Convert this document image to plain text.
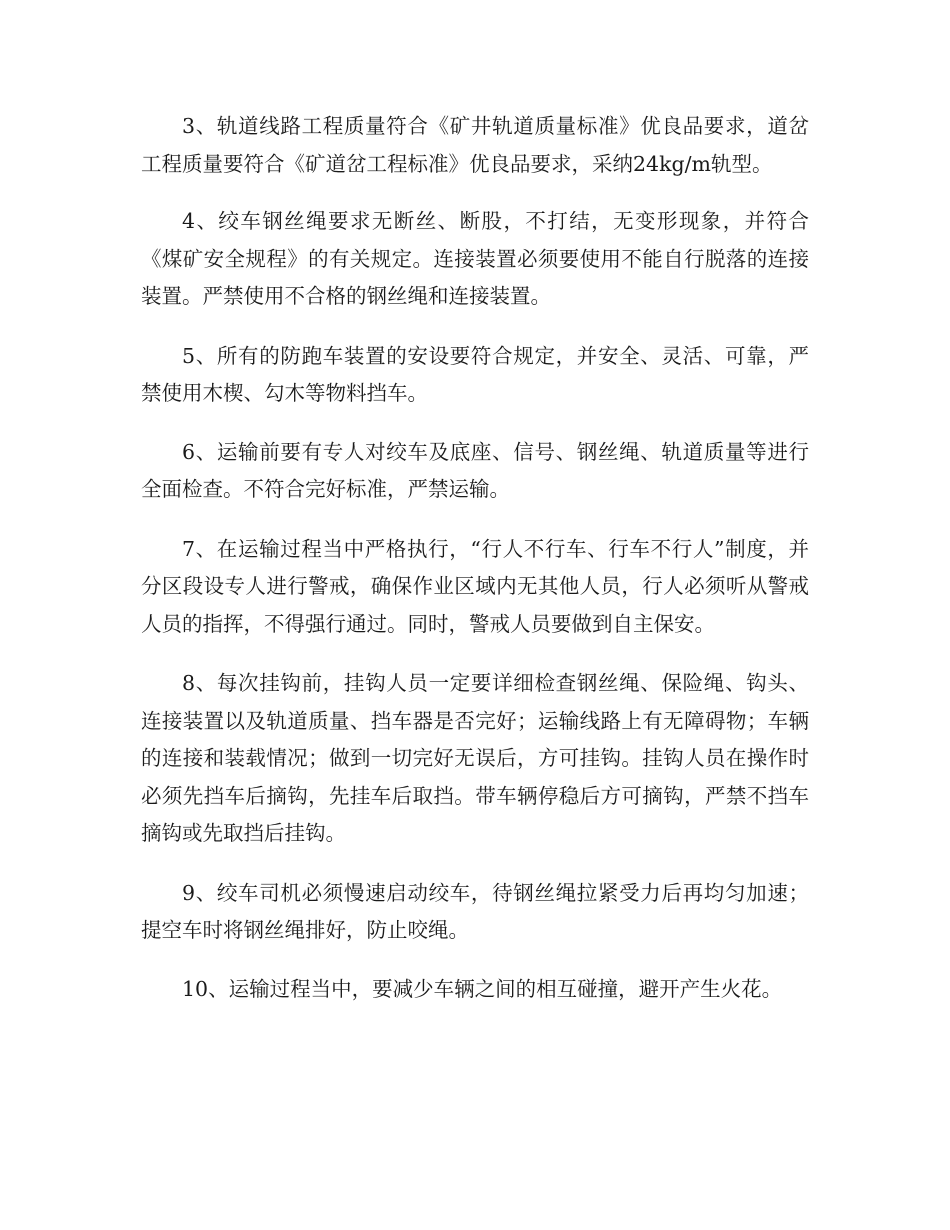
3、轨道线路工程质量符合《矿井轨道质量标准》优良品要求，道岔工程质量要符合《矿道岔工程标准》优良品要求，采纳24kg/m轨型。

4、绞车钢丝绳要求无断丝、断股，不打结，无变形现象，并符合《煤矿安全规程》的有关规定。连接装置必须要使用不能自行脱落的连接装置。严禁使用不合格的钢丝绳和连接装置。

5、所有的防跑车装置的安设要符合规定，并安全、灵活、可靠，严禁使用木楔、勾木等物料挡车。

6、运输前要有专人对绞车及底座、信号、钢丝绳、轨道质量等进行全面检查。不符合完好标准，严禁运输。

7、在运输过程当中严格执行，“行人不行车、行车不行人”制度，并分区段设专人进行警戒，确保作业区域内无其他人员，行人必须听从警戒人员的指挥，不得强行通过。同时，警戒人员要做到自主保安。

8、每次挂钩前，挂钩人员一定要详细检查钢丝绳、保险绳、钩头、连接装置以及轨道质量、挡车器是否完好；运输线路上有无障碍物；车辆的连接和装载情况；做到一切完好无误后，方可挂钩。挂钩人员在操作时必须先挡车后摘钩，先挂车后取挡。带车辆停稳后方可摘钩，严禁不挡车摘钩或先取挡后挂钩。

9、绞车司机必须慢速启动绞车，待钢丝绳拉紧受力后再均匀加速；提空车时将钢丝绳排好，防止咬绳。

10、运输过程当中，要减少车辆之间的相互碰撞，避开产生火花。
